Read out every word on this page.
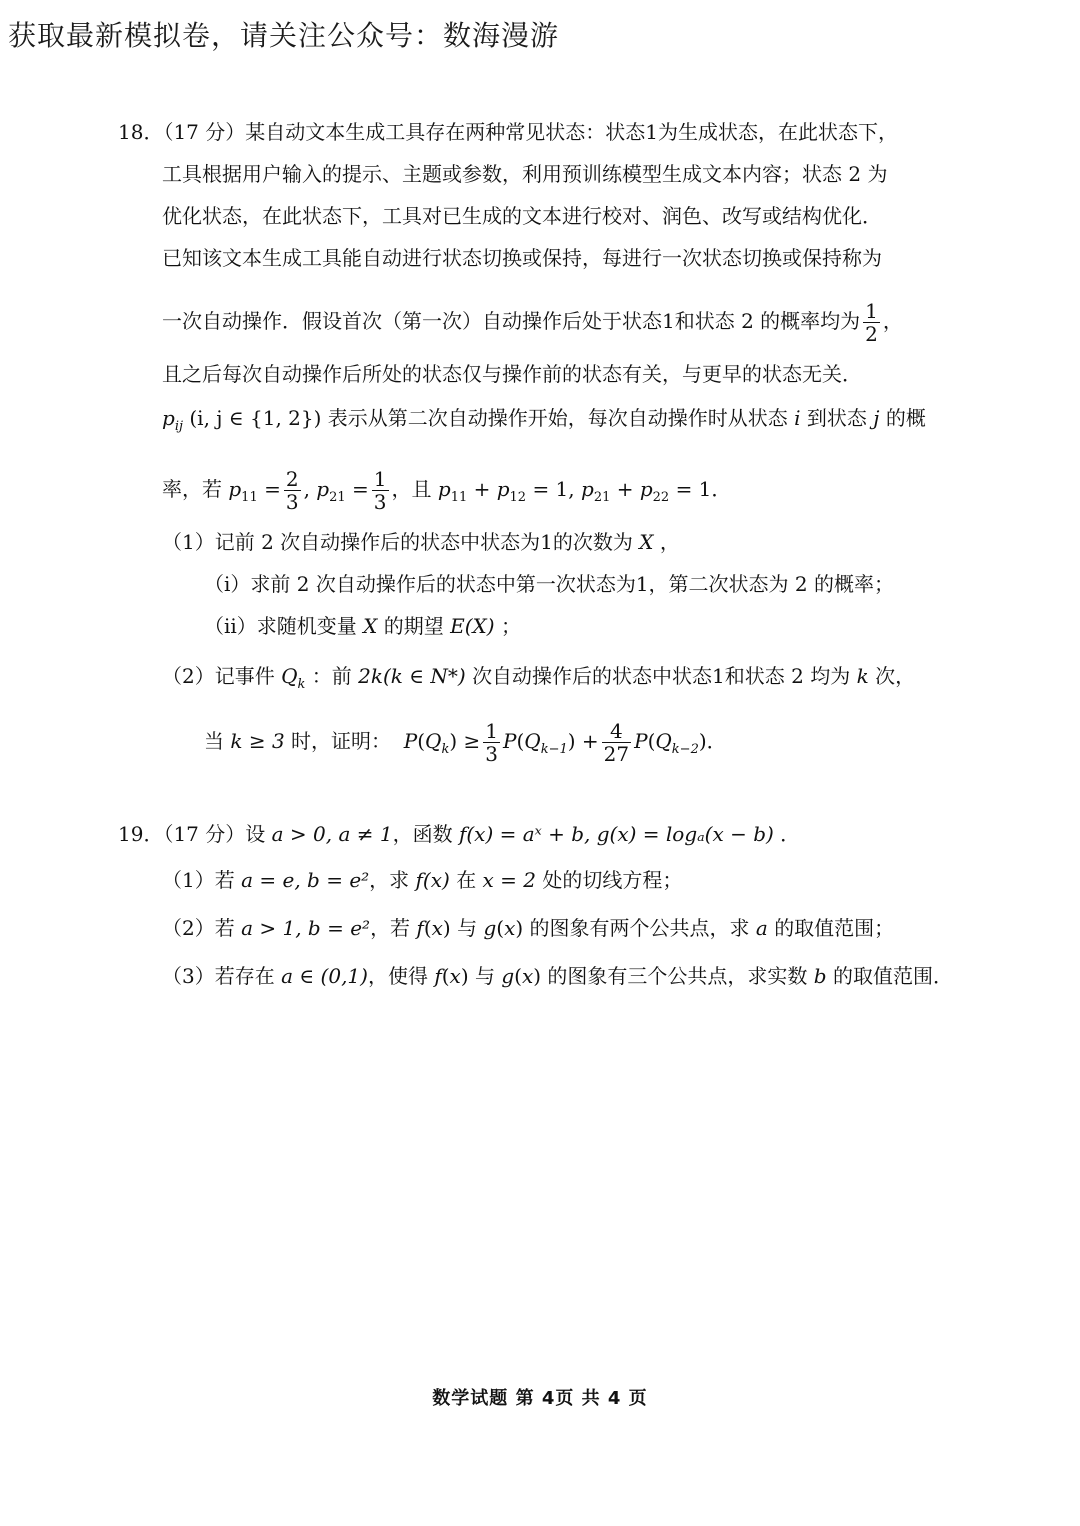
获取最新模拟卷，请关注公众号：数海漫游
18．（17 分）某自动文本生成工具存在两种常见状态：状态1为生成状态，在此状态下，
工具根据用户输入的提示、主题或参数，利用预训练模型生成文本内容；状态 2 为
优化状态，在此状态下，工具对已生成的文本进行校对、润色、改写或结构优化．
已知该文本生成工具能自动进行状态切换或保持，每进行一次状态切换或保持称为
一次自动操作．假设首次（第一次）自动操作后处于状态1和状态 2 的概率均为 $\frac{1}{2}$ ，
且之后每次自动操作后所处的状态仅与操作前的状态有关，与更早的状态无关．
$p_{ij}$ (i, j ∈ {1, 2}) 表示从第二次自动操作开始，每次自动操作时从状态 i 到状态 j 的概
率，若 $p_{11} = \frac{2}{3}$ , $p_{21} = \frac{1}{3}$ ，且 $p_{11} + p_{12} = 1$, $p_{21} + p_{22} = 1$．
（1）记前 2 次自动操作后的状态中状态为1的次数为 X ，
（i）求前 2 次自动操作后的状态中第一次状态为1，第二次状态为 2 的概率；
（ii）求随机变量 X 的期望 E(X) ；
（2）记事件 $Q_k$ ：前 2k(k ∈ N*) 次自动操作后的状态中状态1和状态 2 均为 k 次，
当 k ≥ 3 时，证明： $P(Q_k) \ge \frac{1}{3} P(Q_{k-1}) + \frac{4}{27} P(Q_{k-2})$．
19．（17 分）设 a > 0, a ≠ 1，函数 f(x) = aˣ + b, g(x) = logₐ(x − b) ．
（1）若 a = e, b = e²，求 f(x) 在 x = 2 处的切线方程；
（2）若 a > 1, b = e²，若 f(x) 与 g(x) 的图象有两个公共点，求 a 的取值范围；
（3）若存在 a ∈ (0,1)，使得 f(x) 与 g(x) 的图象有三个公共点，求实数 b 的取值范围．
数学试题 第 4页 共 4 页
